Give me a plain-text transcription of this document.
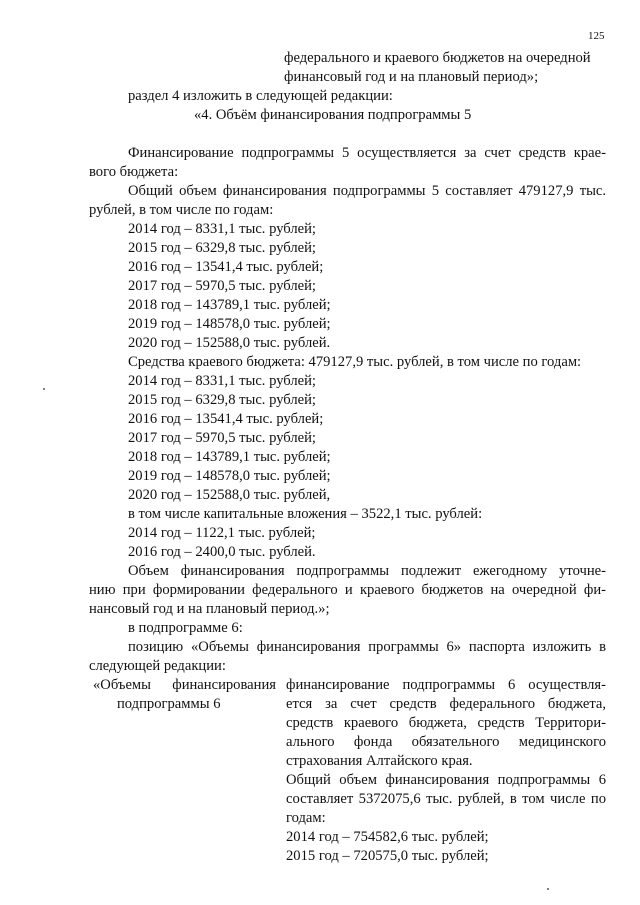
125
федерального и краевого бюджетов на очередной
финансовый год и на плановый период»;
раздел 4 изложить в следующей редакции:
«4. Объём финансирования подпрограммы 5
Финансирование подпрограммы 5 осуществляется за счет средств крае-
вого бюджета:
Общий объем финансирования подпрограммы 5 составляет 479127,9 тыс.
рублей, в том числе по годам:
2014 год – 8331,1 тыс. рублей;
2015 год – 6329,8 тыс. рублей;
2016 год – 13541,4 тыс. рублей;
2017 год – 5970,5 тыс. рублей;
2018 год – 143789,1 тыс. рублей;
2019 год – 148578,0 тыс. рублей;
2020 год – 152588,0 тыс. рублей.
Средства краевого бюджета: 479127,9 тыс. рублей, в том числе по годам:
2014 год – 8331,1 тыс. рублей;
2015 год – 6329,8 тыс. рублей;
2016 год – 13541,4 тыс. рублей;
2017 год – 5970,5 тыс. рублей;
2018 год – 143789,1 тыс. рублей;
2019 год – 148578,0 тыс. рублей;
2020 год – 152588,0 тыс. рублей,
в том числе капитальные вложения – 3522,1 тыс. рублей:
2014 год – 1122,1 тыс. рублей;
2016 год – 2400,0 тыс. рублей.
Объем финансирования подпрограммы подлежит ежегодному уточне-
нию при формировании федерального и краевого бюджетов на очередной фи-
нансовый год и на плановый период.»;
в подпрограмме 6:
позицию «Объемы финансирования программы 6» паспорта изложить в
следующей редакции:
«Объемы финансирования
подпрограммы 6
финансирование подпрограммы 6 осуществля-
ется за счет средств федерального бюджета,
средств краевого бюджета, средств Территори-
ального фонда обязательного медицинского
страхования Алтайского края.
Общий объем финансирования подпрограммы 6
составляет 5372075,6 тыс. рублей, в том числе по
годам:
2014 год – 754582,6 тыс. рублей;
2015 год – 720575,0 тыс. рублей;
